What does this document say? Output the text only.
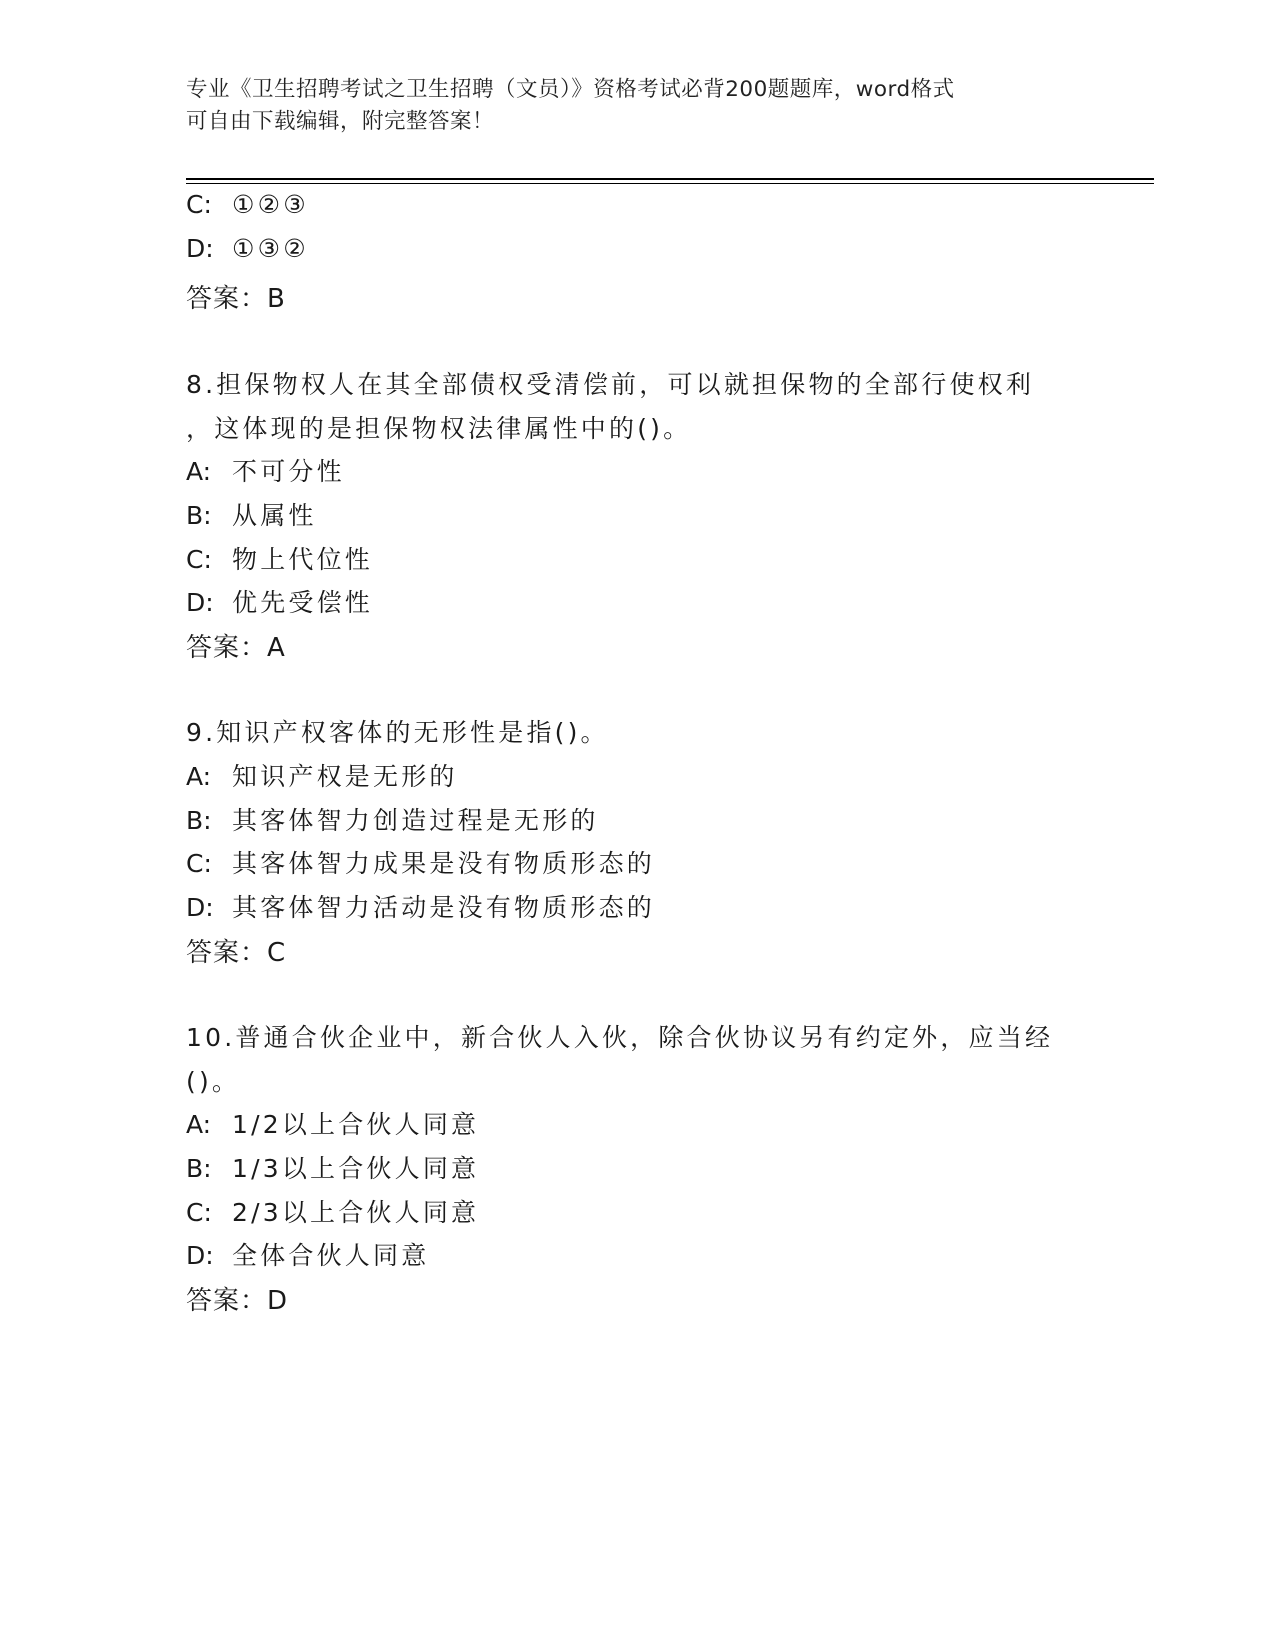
专业《卫生招聘考试之卫生招聘（文员）》资格考试必背200题题库，word格式
可自由下载编辑，附完整答案！
C: ①②③
D: ①③②
答案：B
8.担保物权人在其全部债权受清偿前，可以就担保物的全部行使权利
，这体现的是担保物权法律属性中的()。
A: 不可分性
B: 从属性
C: 物上代位性
D: 优先受偿性
答案：A
9.知识产权客体的无形性是指()。
A: 知识产权是无形的
B: 其客体智力创造过程是无形的
C: 其客体智力成果是没有物质形态的
D: 其客体智力活动是没有物质形态的
答案：C
10.普通合伙企业中，新合伙人入伙，除合伙协议另有约定外，应当经
()。
A: 1/2以上合伙人同意
B: 1/3以上合伙人同意
C: 2/3以上合伙人同意
D: 全体合伙人同意
答案：D
